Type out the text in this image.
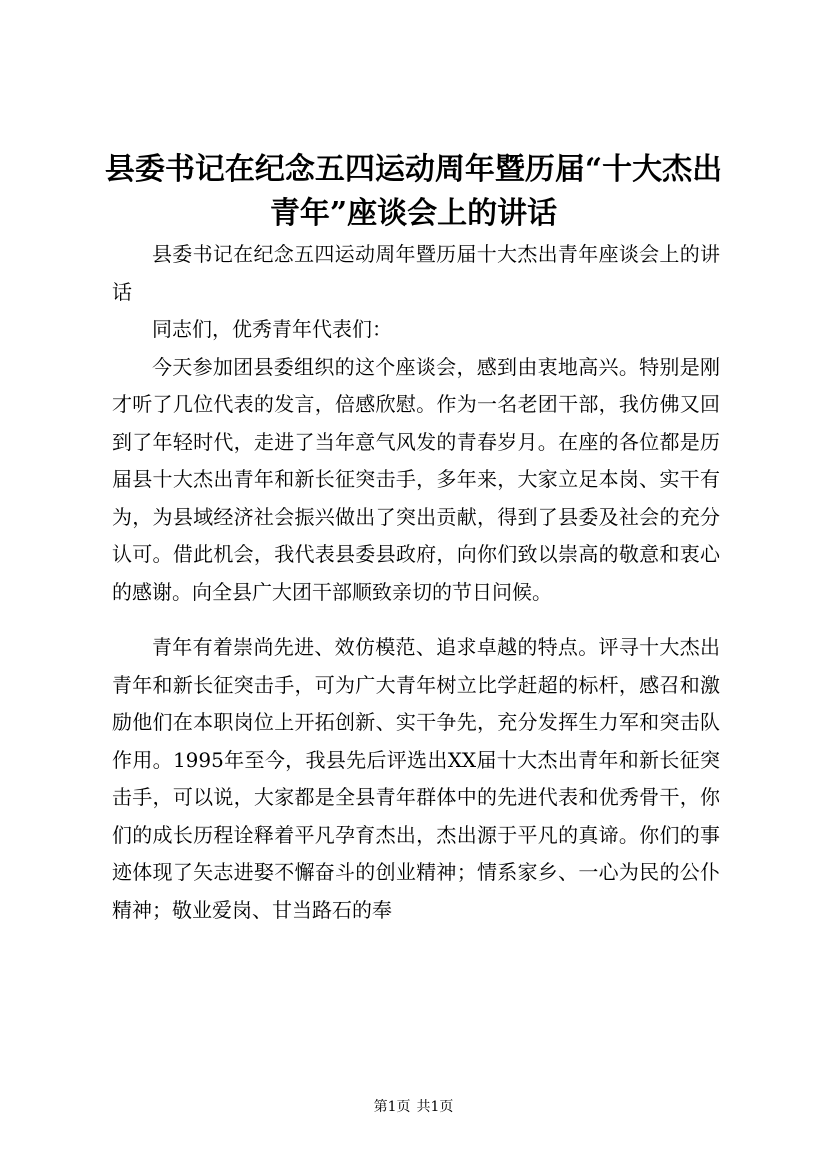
县委书记在纪念五四运动周年暨历届“十大杰出青年”座谈会上的讲话

县委书记在纪念五四运动周年暨历届十大杰出青年座谈会上的讲话

同志们，优秀青年代表们：

今天参加团县委组织的这个座谈会，感到由衷地高兴。特别是刚才听了几位代表的发言，倍感欣慰。作为一名老团干部，我仿佛又回到了年轻时代，走进了当年意气风发的青春岁月。在座的各位都是历届县十大杰出青年和新长征突击手，多年来，大家立足本岗、实干有为，为县域经济社会振兴做出了突出贡献，得到了县委及社会的充分认可。借此机会，我代表县委县政府，向你们致以崇高的敬意和衷心的感谢。向全县广大团干部顺致亲切的节日问候。

青年有着崇尚先进、效仿模范、追求卓越的特点。评寻十大杰出青年和新长征突击手，可为广大青年树立比学赶超的标杆，感召和激励他们在本职岗位上开拓创新、实干争先，充分发挥生力军和突击队作用。1995年至今，我县先后评选出XX届十大杰出青年和新长征突击手，可以说，大家都是全县青年群体中的先进代表和优秀骨干，你们的成长历程诠释着平凡孕育杰出，杰出源于平凡的真谛。你们的事迹体现了矢志进娶不懈奋斗的创业精神；情系家乡、一心为民的公仆精神；敬业爱岗、甘当路石的奉

第1页 共1页
